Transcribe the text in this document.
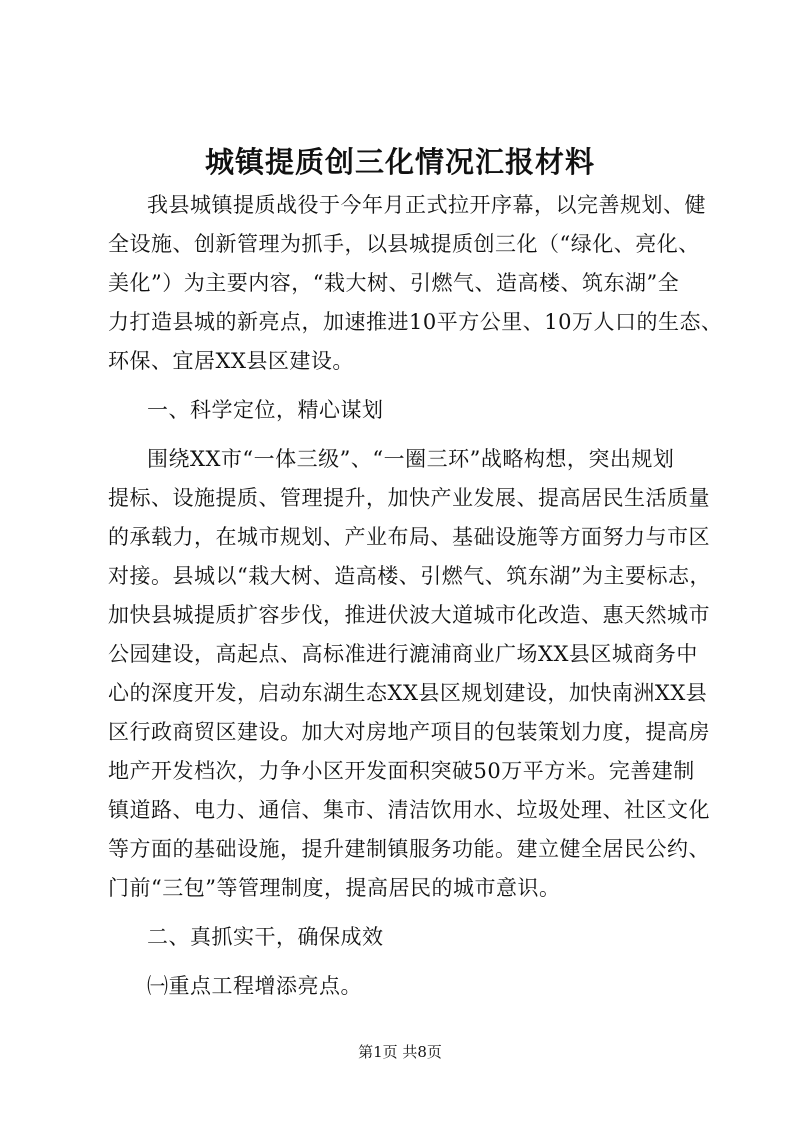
城镇提质创三化情况汇报材料
我县城镇提质战役于今年月正式拉开序幕，以完善规划、健
全设施、创新管理为抓手，以县城提质创三化（“绿化、亮化、
美化”）为主要内容，“栽大树、引燃气、造高楼、筑东湖”全
力打造县城的新亮点，加速推进10平方公里、10万人口的生态、
环保、宜居XX县区建设。
一、科学定位，精心谋划
围绕XX市“一体三级”、“一圈三环”战略构想，突出规划
提标、设施提质、管理提升，加快产业发展、提高居民生活质量
的承载力，在城市规划、产业布局、基础设施等方面努力与市区
对接。县城以“栽大树、造高楼、引燃气、筑东湖”为主要标志，
加快县城提质扩容步伐，推进伏波大道城市化改造、惠天然城市
公园建设，高起点、高标准进行漉浦商业广场XX县区城商务中
心的深度开发，启动东湖生态XX县区规划建设，加快南洲XX县
区行政商贸区建设。加大对房地产项目的包装策划力度，提高房
地产开发档次，力争小区开发面积突破50万平方米。完善建制
镇道路、电力、通信、集市、清洁饮用水、垃圾处理、社区文化
等方面的基础设施，提升建制镇服务功能。建立健全居民公约、
门前“三包”等管理制度，提高居民的城市意识。
二、真抓实干，确保成效
㈠重点工程增添亮点。
第1页 共8页
